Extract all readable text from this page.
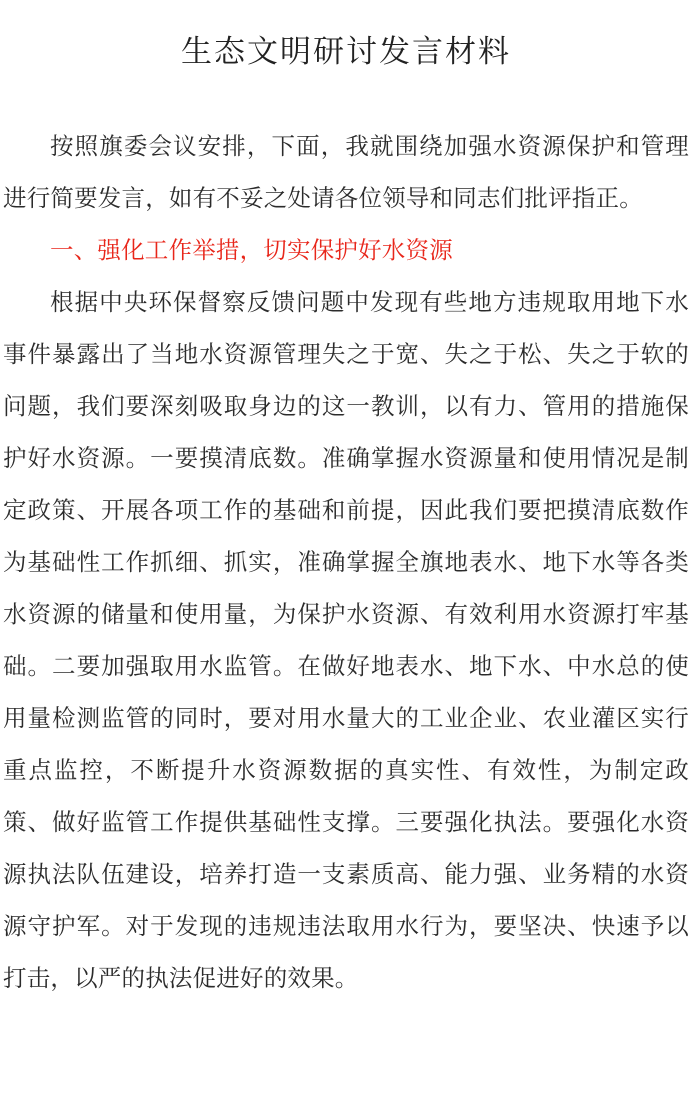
生态文明研讨发言材料

按照旗委会议安排，下面，我就围绕加强水资源保护和管理进行简要发言，如有不妥之处请各位领导和同志们批评指正。

一、强化工作举措，切实保护好水资源

根据中央环保督察反馈问题中发现有些地方违规取用地下水事件暴露出了当地水资源管理失之于宽、失之于松、失之于软的问题，我们要深刻吸取身边的这一教训，以有力、管用的措施保护好水资源。一要摸清底数。准确掌握水资源量和使用情况是制定政策、开展各项工作的基础和前提，因此我们要把摸清底数作为基础性工作抓细、抓实，准确掌握全旗地表水、地下水等各类水资源的储量和使用量，为保护水资源、有效利用水资源打牢基础。二要加强取用水监管。在做好地表水、地下水、中水总的使用量检测监管的同时，要对用水量大的工业企业、农业灌区实行重点监控，不断提升水资源数据的真实性、有效性，为制定政策、做好监管工作提供基础性支撑。三要强化执法。要强化水资源执法队伍建设，培养打造一支素质高、能力强、业务精的水资源守护军。对于发现的违规违法取用水行为，要坚决、快速予以打击，以严的执法促进好的效果。
